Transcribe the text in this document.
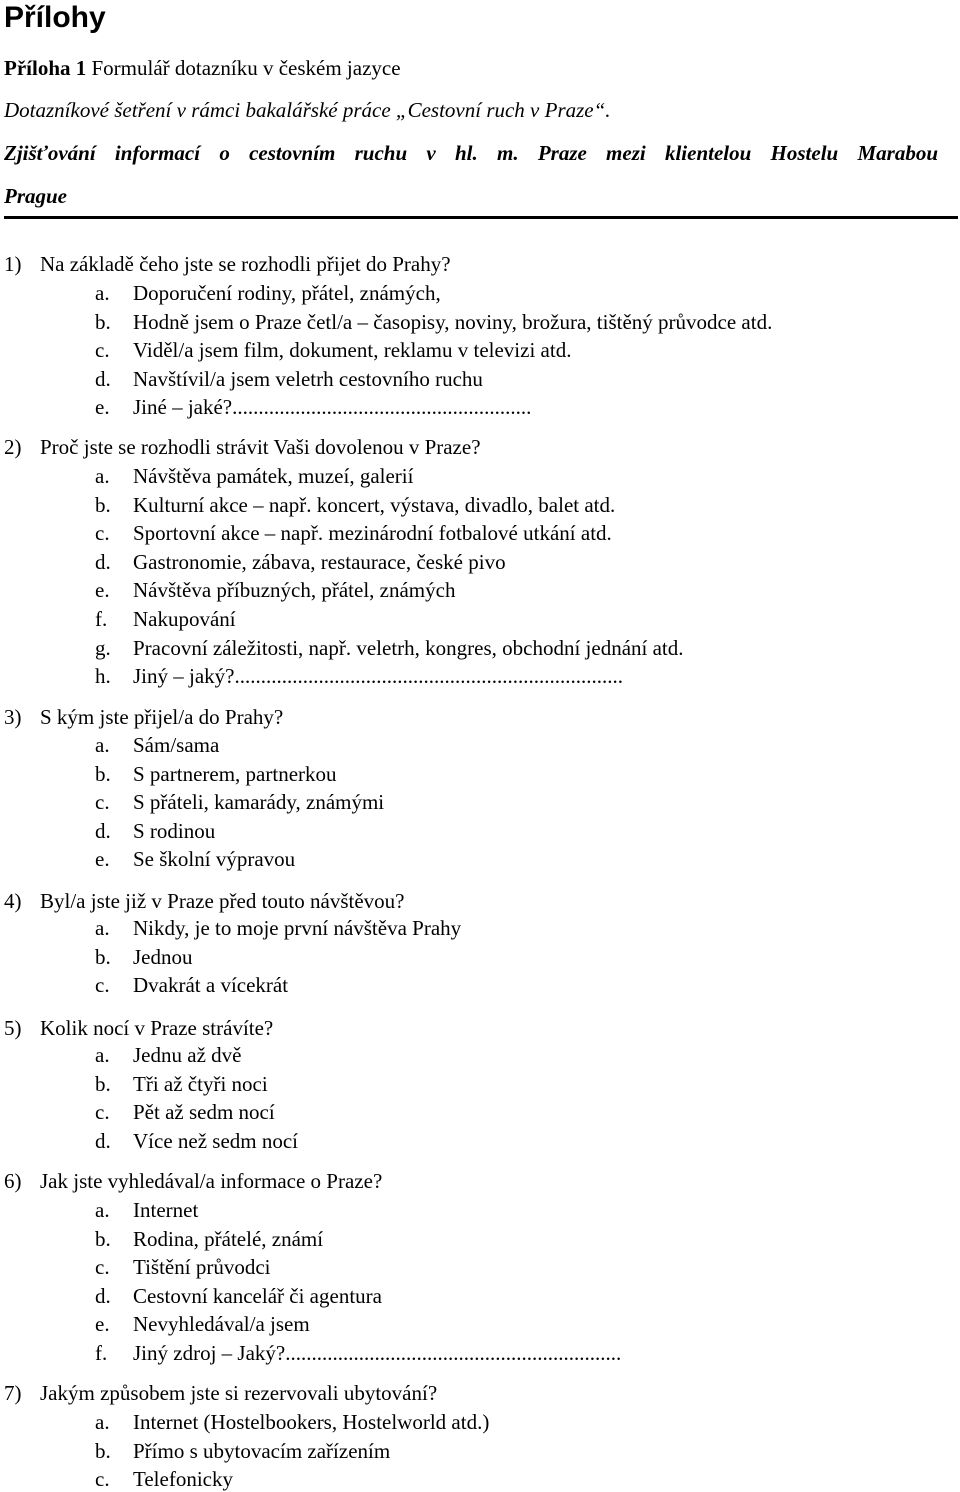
Přílohy

Příloha 1 Formulář dotazníku v českém jazyce

Dotazníkové šetření v rámci bakalářské práce „Cestovní ruch v Praze“.

Zjišťování informací o cestovním ruchu v hl. m. Praze mezi klientelou Hostelu Marabou

Prague

1) Na základě čeho jste se rozhodli přijet do Prahy?
a.	Doporučení rodiny, přátel, známých,
b.	Hodně jsem o Praze četl/a – časopisy, noviny, brožura, tištěný průvodce atd.
c.	Viděl/a jsem film, dokument, reklamu v televizi atd.
d.	Navštívil/a jsem veletrh cestovního ruchu
e.	Jiné – jaké?.........................................................
2) Proč jste se rozhodli strávit Vaši dovolenou v Praze?
a.	Návštěva památek, muzeí, galerií
b.	Kulturní akce – např. koncert, výstava, divadlo, balet atd.
c.	Sportovní akce – např. mezinárodní fotbalové utkání atd.
d.	Gastronomie, zábava, restaurace, české pivo
e.	Návštěva příbuzných, přátel, známých
f.	Nakupování
g.	Pracovní záležitosti, např. veletrh, kongres, obchodní jednání atd.
h.	Jiný – jaký?..........................................................................
3) S kým jste přijel/a do Prahy?
a.	Sám/sama
b.	S partnerem, partnerkou
c.	S přáteli, kamarády, známými
d.	S rodinou
e.	Se školní výpravou
4) Byl/a jste již v Praze před touto návštěvou?
a.	Nikdy, je to moje první návštěva Prahy
b.	Jednou
c.	Dvakrát a vícekrát
5) Kolik nocí v Praze strávíte?
a.	Jednu až dvě
b.	Tři až čtyři noci
c.	Pět až sedm nocí
d.	Více než sedm nocí
6) Jak jste vyhledával/a informace o Praze?
a.	Internet
b.	Rodina, přátelé, známí
c.	Tištění průvodci
d.	Cestovní kancelář či agentura
e.	Nevyhledával/a jsem
f.	Jiný zdroj – Jaký?................................................................
7) Jakým způsobem jste si rezervovali ubytování?
a.	Internet (Hostelbookers, Hostelworld atd.)
b.	Přímo s ubytovacím zařízením
c.	Telefonicky
